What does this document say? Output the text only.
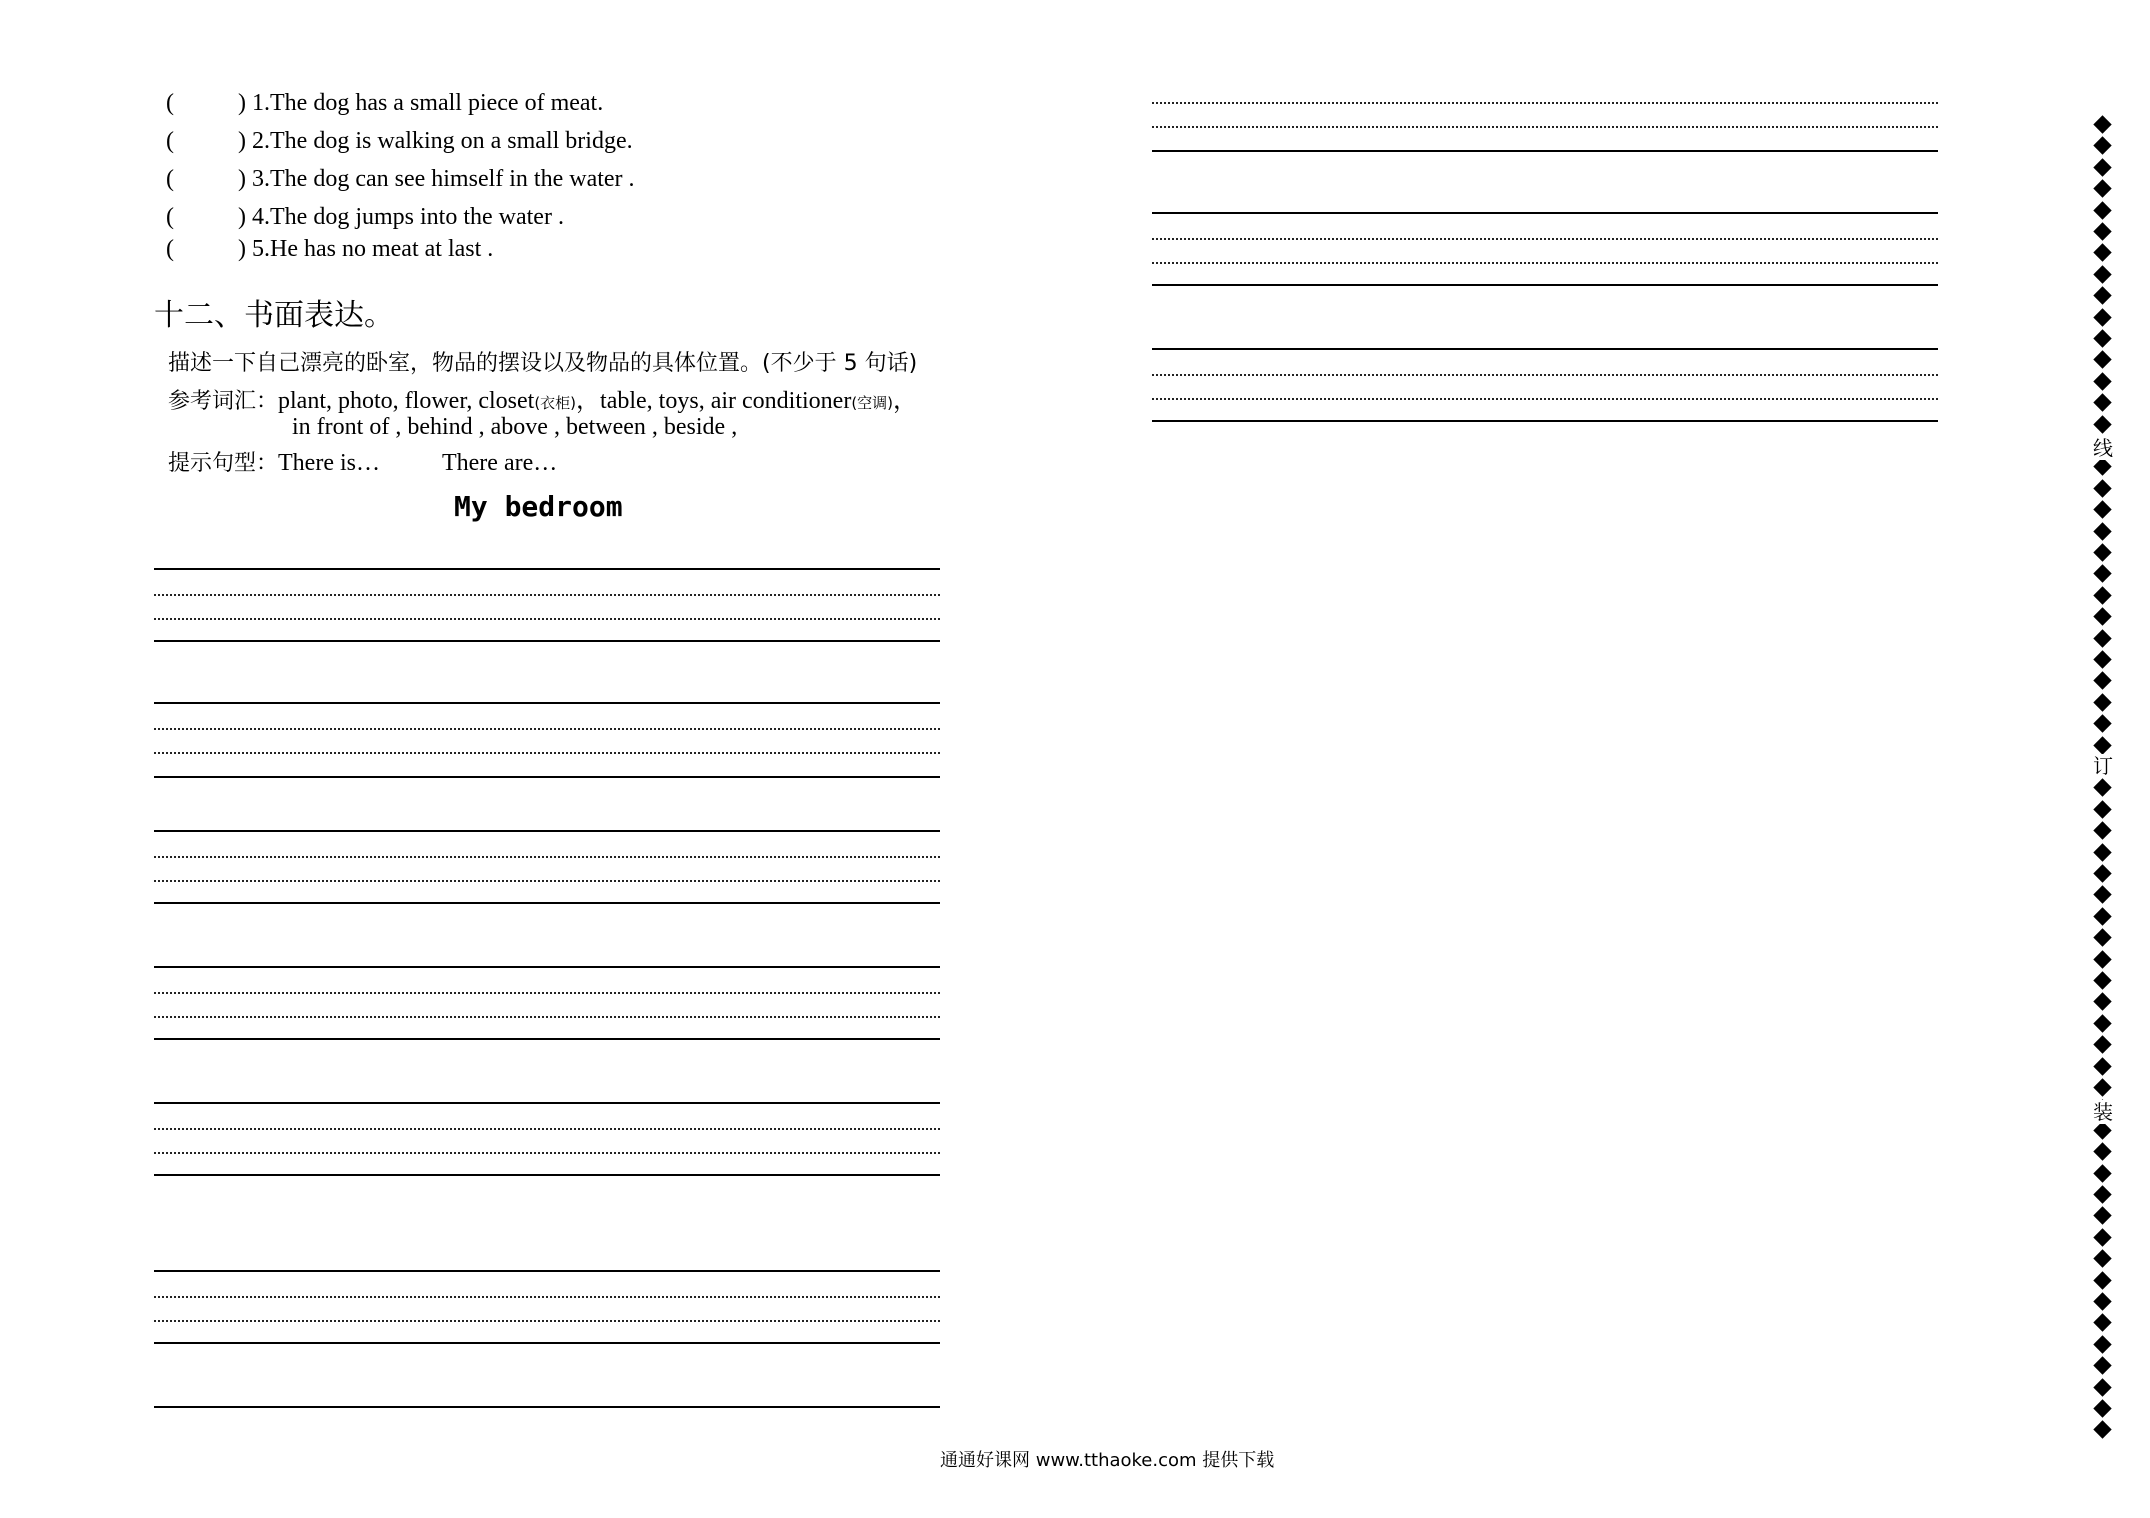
(	) 1.The dog has a small piece of meat.
(	) 2.The dog is walking on a small bridge.
(	) 3.The dog can see himself in the water .
(	) 4.The dog jumps into the water .
(	) 5.He has no meat at last .
十二、书面表达。
描述一下自己漂亮的卧室，物品的摆设以及物品的具体位置。(不少于 5 句话)
参考词汇：plant, photo, flower, closet(衣柜)，table, toys, air conditioner(空调)，
in front of , behind , above , between , beside ,
提示句型：There is…	There are…
My bedroom
线
订
装
通通好课网 www.tthaoke.com 提供下载
